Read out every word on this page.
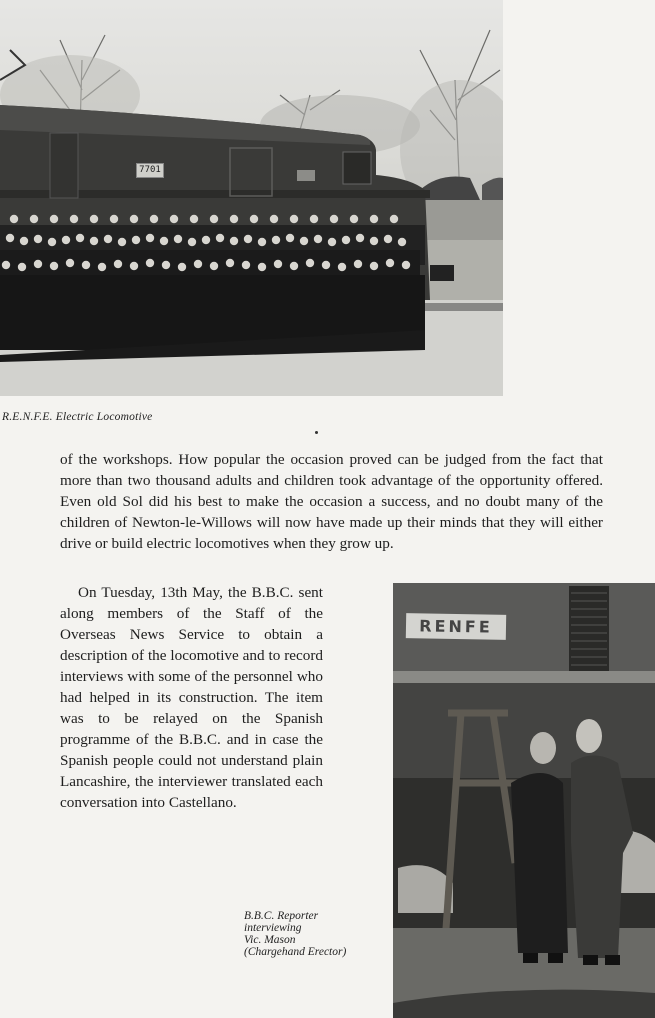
7701
R.E.N.F.E. Electric Locomotive
of the workshops. How popular the occasion proved can be judged from the fact that more than two thousand adults and children took advantage of the opportunity offered. Even old Sol did his best to make the occasion a success, and no doubt many of the children of Newton-le-Willows will now have made up their minds that they will either drive or build electric locomotives when they grow up.
On Tuesday, 13th May, the B.B.C. sent along members of the Staff of the Overseas News Service to obtain a description of the locomotive and to record interviews with some of the personnel who had helped in its construction. The item was to be relayed on the Spanish programme of the B.B.C. and in case the Spanish people could not understand plain Lancashire, the interviewer translated each conversation into Castellano.
B.B.C. Reporter
interviewing
Vic. Mason
(Chargehand Erector)
RENFE
